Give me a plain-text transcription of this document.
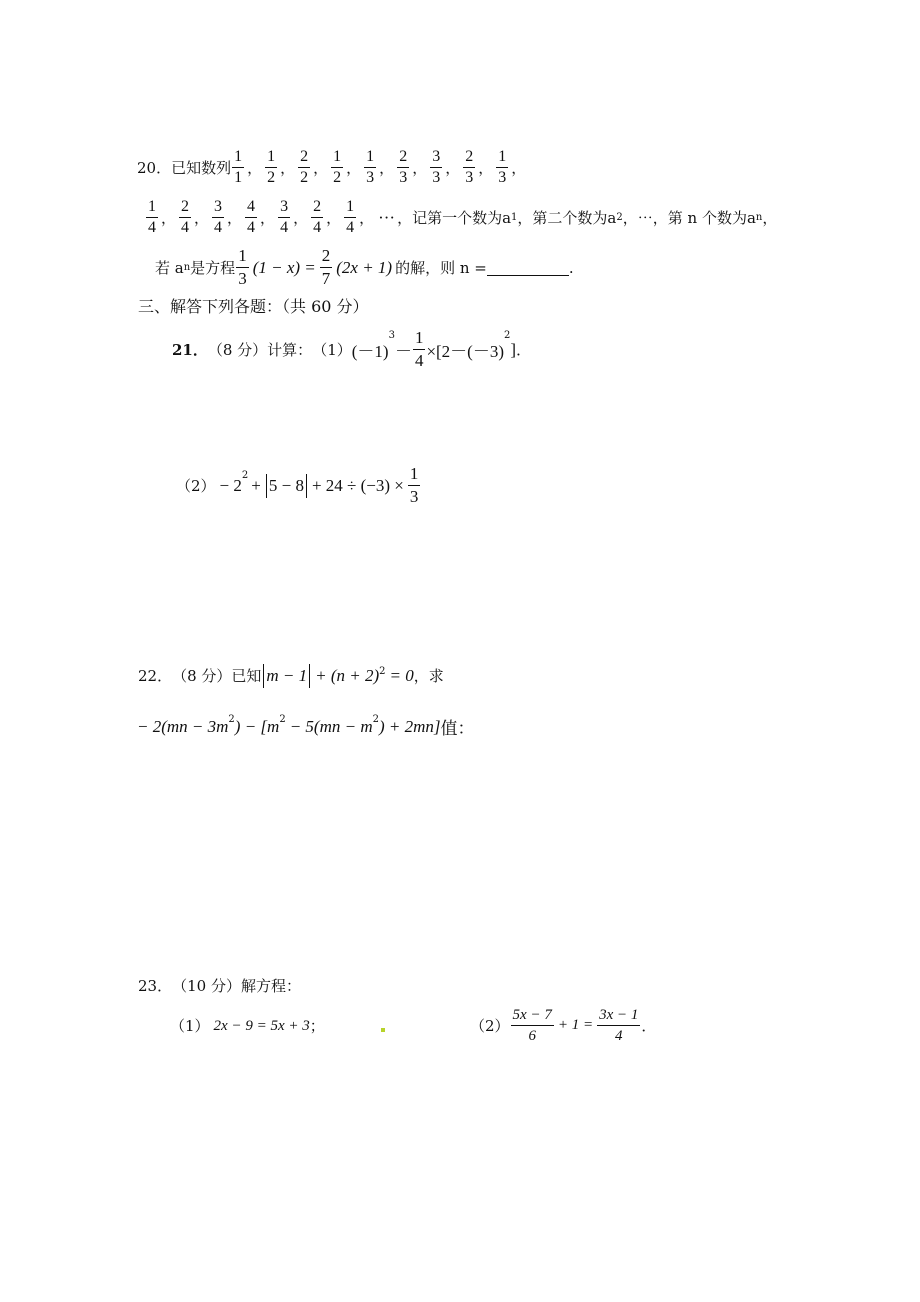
20． 已知数列 $\frac{1}{1}$ ， $\frac{1}{2}$ ， $\frac{2}{2}$ ， $\frac{1}{2}$ ， $\frac{1}{3}$ ， $\frac{2}{3}$ ， $\frac{3}{3}$ ， $\frac{2}{3}$ ， $\frac{1}{3}$ ，
$\frac{1}{4}$ ， $\frac{2}{4}$ ， $\frac{3}{4}$ ， $\frac{4}{4}$ ， $\frac{3}{4}$ ， $\frac{2}{4}$ ， $\frac{1}{4}$ ， ··· ，记第一个数为a 1 ，第二个数为a 2 ，⋯，第 n 个数为a n ，
若 a n 是方程 $\frac{1}{3} (1 - x) = \frac{2}{7} (2x + 1)$ 的解，则 n =	.
三、解答下列各题：（共 60 分）
21． （8 分）计算： （1） (－1)
$^3$
－ $\frac{1}{4} \times[2-(-3)$
$^2$
] ．
$(2) - 2^2 + 5 - 8 + 24 \div (-3) \times \frac{1}{3}$
22． （8 分）已知 $m - 1 + (n + 2)^2 = 0$ ，求
− $2(mn - 3m^2$ ) − [$m^2 - 5(mn - m^2$ ) + 2mn] 值：
23． （10 分）解方程：
（1） 2x − 9 = 5x + 3 ；	$(2) \frac{5x - 7}{6} + 1 = \frac{3x - 1}{4}$ ．
